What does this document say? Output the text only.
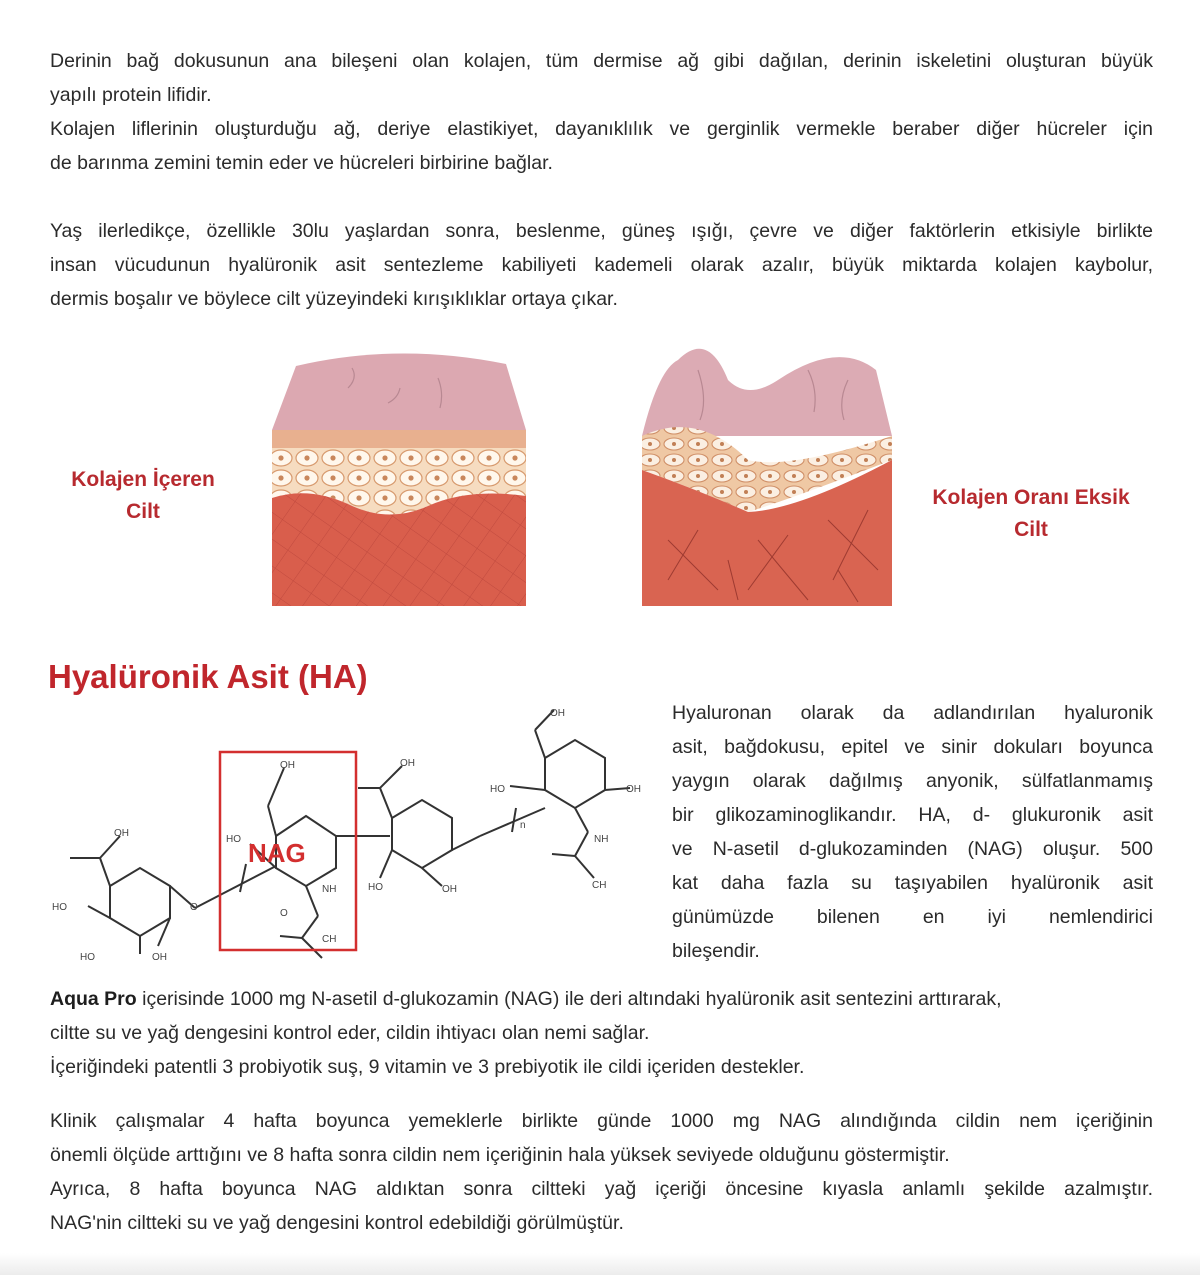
Derinin bağ dokusunun ana bileşeni olan kolajen, tüm dermise ağ gibi dağılan, derinin iskeletini oluşturan büyük
yapılı protein lifidir.
Kolajen liflerinin oluşturduğu ağ, deriye elastikiyet, dayanıklılık ve gerginlik vermekle beraber diğer hücreler için
de barınma zemini temin eder ve hücreleri birbirine bağlar.

Yaş ilerledikçe, özellikle 30lu yaşlardan sonra, beslenme, güneş ışığı, çevre ve diğer faktörlerin etkisiyle birlikte
insan vücudunun hyalüronik asit sentezleme kabiliyeti kademeli olarak azalır, büyük miktarda kolajen kaybolur,
dermis boşalır ve böylece cilt yüzeyindeki kırışıklıklar ortaya çıkar.

Kolajen İçeren
Cilt
Kolajen Oranı Eksik
Cilt
Hyalüronik Asit (HA)
OH
HO
HO	OH
O
OH
HO
NH
O
CH
OH
HO	OH
OH
HO	OH
NH
CH
n
NAG
Hyaluronan olarak da adlandırılan hyaluronik
asit, bağdokusu, epitel ve sinir dokuları boyunca
yaygın olarak dağılmış anyonik, sülfatlanmamış
bir glikozaminoglikandır. HA, d- glukuronik asit
ve N-asetil d-glukozaminden (NAG) oluşur. 500
kat daha fazla su taşıyabilen hyalüronik asit
günümüzde bilenen en iyi nemlendirici
bileşendir.

Aqua Pro içerisinde 1000 mg N-asetil d-glukozamin (NAG) ile deri altındaki hyalüronik asit sentezini arttırarak,
ciltte su ve yağ dengesini kontrol eder, cildin ihtiyacı olan nemi sağlar.
İçeriğindeki patentli 3 probiyotik suş, 9 vitamin ve 3 prebiyotik ile cildi içeriden destekler.

Klinik çalışmalar 4 hafta boyunca yemeklerle birlikte günde 1000 mg NAG alındığında cildin nem içeriğinin
önemli ölçüde arttığını ve 8 hafta sonra cildin nem içeriğinin hala yüksek seviyede olduğunu göstermiştir.
Ayrıca, 8 hafta boyunca NAG aldıktan sonra ciltteki yağ içeriği öncesine kıyasla anlamlı şekilde azalmıştır.
NAG'nin ciltteki su ve yağ dengesini kontrol edebildiği görülmüştür.
